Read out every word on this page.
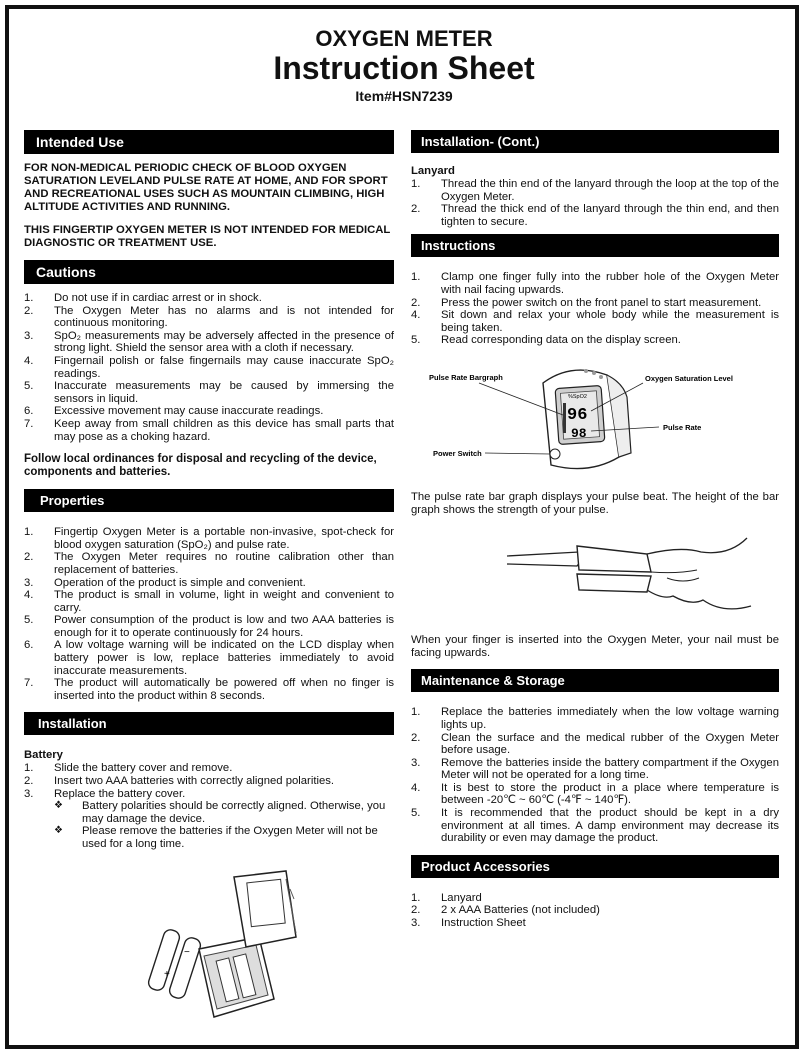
OXYGEN METER
Instruction Sheet
Item#HSN7239
Intended Use

FOR NON-MEDICAL PERIODIC CHECK OF BLOOD OXYGEN SATURATION LEVELAND PULSE RATE AT HOME, AND FOR SPORT AND RECREATIONAL USES SUCH AS MOUNTAIN CLIMBING, HIGH ALTITUDE ACTIVITIES AND RUNNING.

THIS FINGERTIP OXYGEN METER IS NOT INTENDED FOR MEDICAL DIAGNOSTIC OR TREATMENT USE.

Cautions
1. Do not use if in cardiac arrest or in shock.
2. The Oxygen Meter has no alarms and is not intended for continuous monitoring.
3. SpO₂ measurements may be adversely affected in the presence of strong light. Shield the sensor area with a cloth if necessary.
4. Fingernail polish or false fingernails may cause inaccurate SpO₂ readings.
5. Inaccurate measurements may be caused by immersing the sensors in liquid.
6. Excessive movement may cause inaccurate readings.
7. Keep away from small children as this device has small parts that may pose as a choking hazard.

Follow local ordinances for disposal and recycling of the device, components and batteries.

Properties
1. Fingertip Oxygen Meter is a portable non-invasive, spot-check for blood oxygen saturation (SpO₂) and pulse rate.
2. The Oxygen Meter requires no routine calibration other than replacement of batteries.
3. Operation of the product is simple and convenient.
4. The product is small in volume, light in weight and convenient to carry.
5. Power consumption of the product is low and two AAA batteries is enough for it to operate continuously for 24 hours.
6. A low voltage warning will be indicated on the LCD display when battery power is low, replace batteries immediately to avoid inaccurate measurements.
7. The product will automatically be powered off when no finger is inserted into the product within 8 seconds.
Installation
Battery
1. Slide the battery cover and remove.
2. Insert two AAA batteries with correctly aligned polarities.
3. Replace the battery cover.
❖ Battery polarities should be correctly aligned. Otherwise, you may damage the device.
❖ Please remove the batteries if the Oxygen Meter will not be used for a long time.
+
−
Installation- (Cont.)
Lanyard
1. Thread the thin end of the lanyard through the loop at the top of the Oxygen Meter.
2. Thread the thick end of the lanyard through the thin end, and then tighten to secure.
Instructions
1. Clamp one finger fully into the rubber hole of the Oxygen Meter with nail facing upwards.
2. Press the power switch on the front panel to start measurement.
4. Sit down and relax your whole body while the measurement is being taken.
5. Read corresponding data on the display screen.
%SpO2
96
98
Pulse Rate Bargraph	Oxygen Saturation Level
Pulse Rate
Power Switch

The pulse rate bar graph displays your pulse beat. The height of the bar graph shows the strength of your pulse.

When your finger is inserted into the Oxygen Meter, your nail must be facing upwards.

Maintenance & Storage
1. Replace the batteries immediately when the low voltage warning lights up.
2. Clean the surface and the medical rubber of the Oxygen Meter before usage.
3. Remove the batteries inside the battery compartment if the Oxygen Meter will not be operated for a long time.
4. It is best to store the product in a place where temperature is between -20℃ ~ 60℃ (-4℉ ~ 140℉).
5. It is recommended that the product should be kept in a dry environment at all times. A damp environment may decrease its durability or even may damage the product.
Product Accessories
1. Lanyard
2. 2 x AAA Batteries (not included)
3. Instruction Sheet
